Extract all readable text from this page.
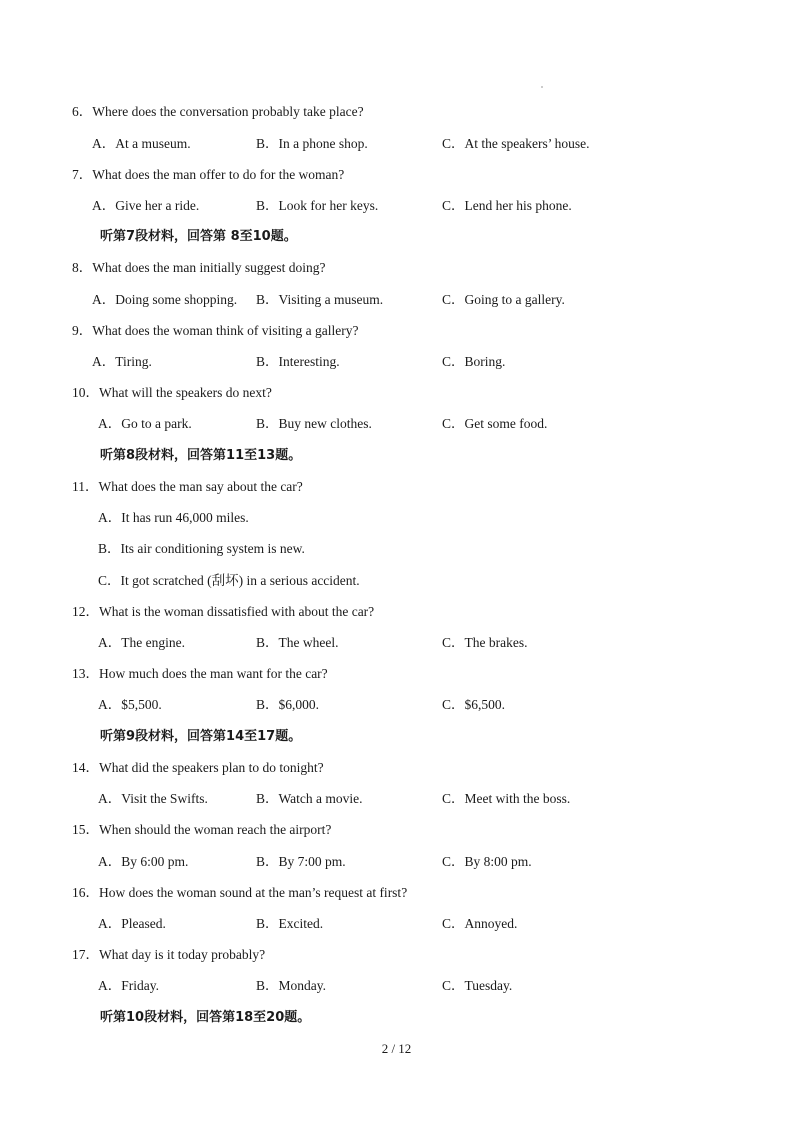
6．Where does the conversation probably take place?
A．At a museum.	B．In a phone shop.	C．At the speakers’ house.
7．What does the man offer to do for the woman?
A．Give her a ride.	B．Look for her keys.	C．Lend her his phone.
听第7段材料，回答第 8至10题。
8．What does the man initially suggest doing?
A．Doing some shopping. B．Visiting a museum.	C．Going to a gallery.
9．What does the woman think of visiting a gallery?
A．Tiring.	B．Interesting.	C．Boring.
10．What will the speakers do next?
A．Go to a park.	B．Buy new clothes.	C．Get some food.
听第8段材料，回答第11至13题。
11．What does the man say about the car?
A．It has run 46,000 miles.
B．Its air conditioning system is new.
C．It got scratched (刮坏) in a serious accident.
12．What is the woman dissatisfied with about the car?
A．The engine.	B．The wheel.	C．The brakes.
13．How much does the man want for the car?
A．$5,500.	B．$6,000.	C．$6,500.
听第9段材料，回答第14至17题。
14．What did the speakers plan to do tonight?
A．Visit the Swifts.	B．Watch a movie.	C．Meet with the boss.
15．When should the woman reach the airport?
A．By 6:00 pm.	B．By 7:00 pm.	C．By 8:00 pm.
16．How does the woman sound at the man’s request at first?
A．Pleased.	B．Excited.	C．Annoyed.
17．What day is it today probably?
A．Friday.	B．Monday.	C．Tuesday.
听第10段材料，回答第18至20题。
2 / 12
